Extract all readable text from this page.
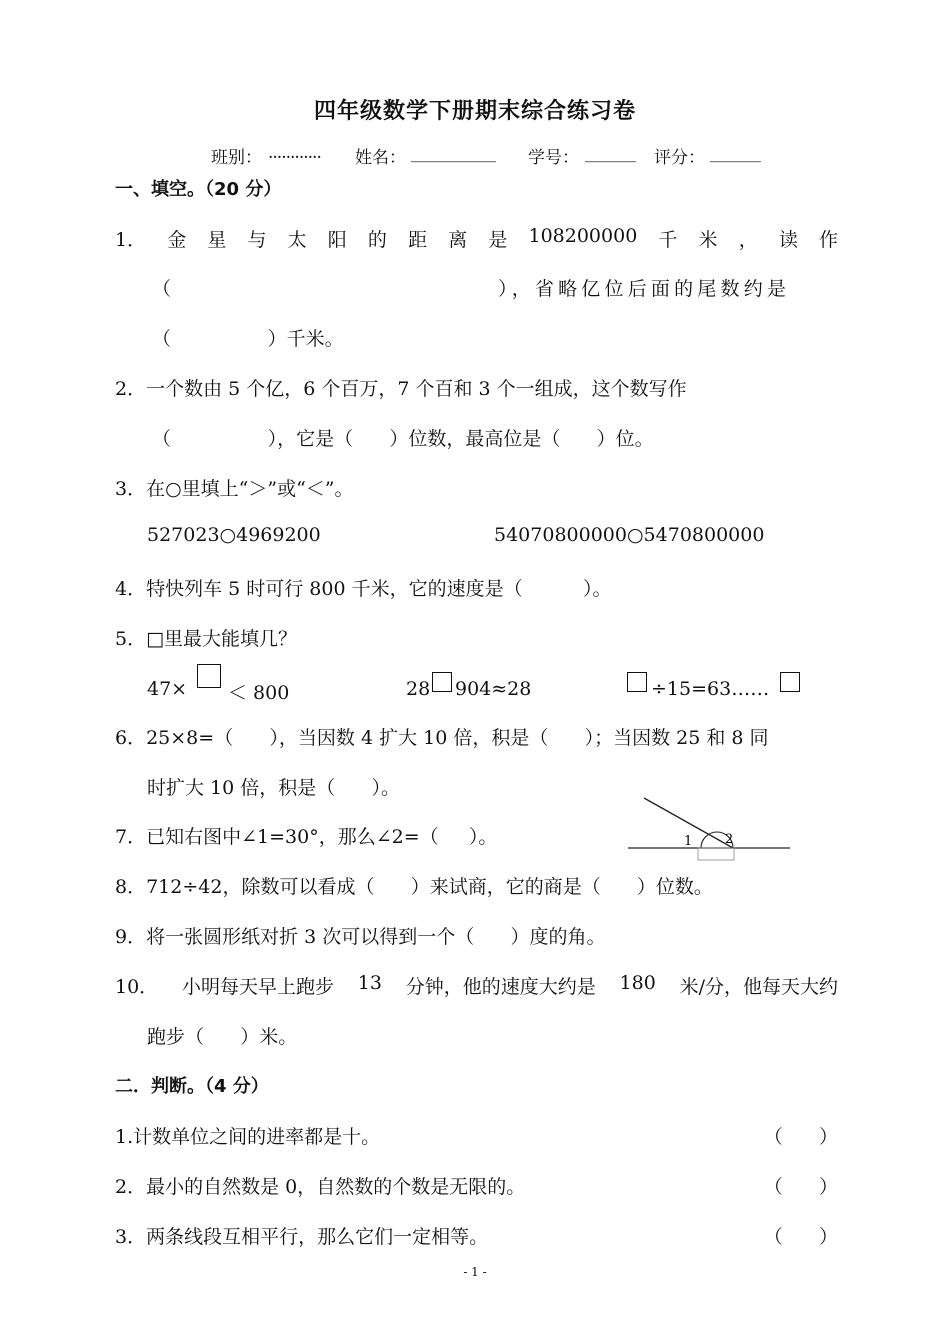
四年级数学下册期末综合练习卷
班别： ............ 姓名： __________ 学号： ______ 评分： ______
一、填空。（20 分）
1． 金 星 与 太 阳 的 距 离 是 108200000 千 米 ， 读 作
（	），省略亿位后面的尾数约是
（                ）千米。
2．一个数由 5 个亿，6 个百万，7 个百和 3 个一组成，这个数写作
（                ），它是（      ）位数，最高位是（      ）位。
3．在○里填上“＞”或“＜”。
527023○4969200	54070800000○5470800000
4．特快列车 5 时可行 800 千米，它的速度是（          ）。
5．□里最大能填几？
47× ＜ 800	28 904≈28	÷15=63……
6．25×8=（      ），当因数 4 扩大 10 倍，积是（      ）；当因数 25 和 8 同
时扩大 10 倍，积是（      ）。
7．已知右图中∠1=30°，那么∠2=（     ）。	1	2
8．712÷42，除数可以看成（      ）来试商，它的商是（      ）位数。
9．将一张圆形纸对折 3 次可以得到一个（      ）度的角。
10． 小明每天早上跑步 13 分钟，他的速度大约是 180 米/分，他每天大约
跑步（      ）米。
二．判断。（4 分）
1.计数单位之间的进率都是十。	（      ）
2．最小的自然数是 0，自然数的个数是无限的。	（      ）
3．两条线段互相平行，那么它们一定相等。	（      ）
- 1 -
